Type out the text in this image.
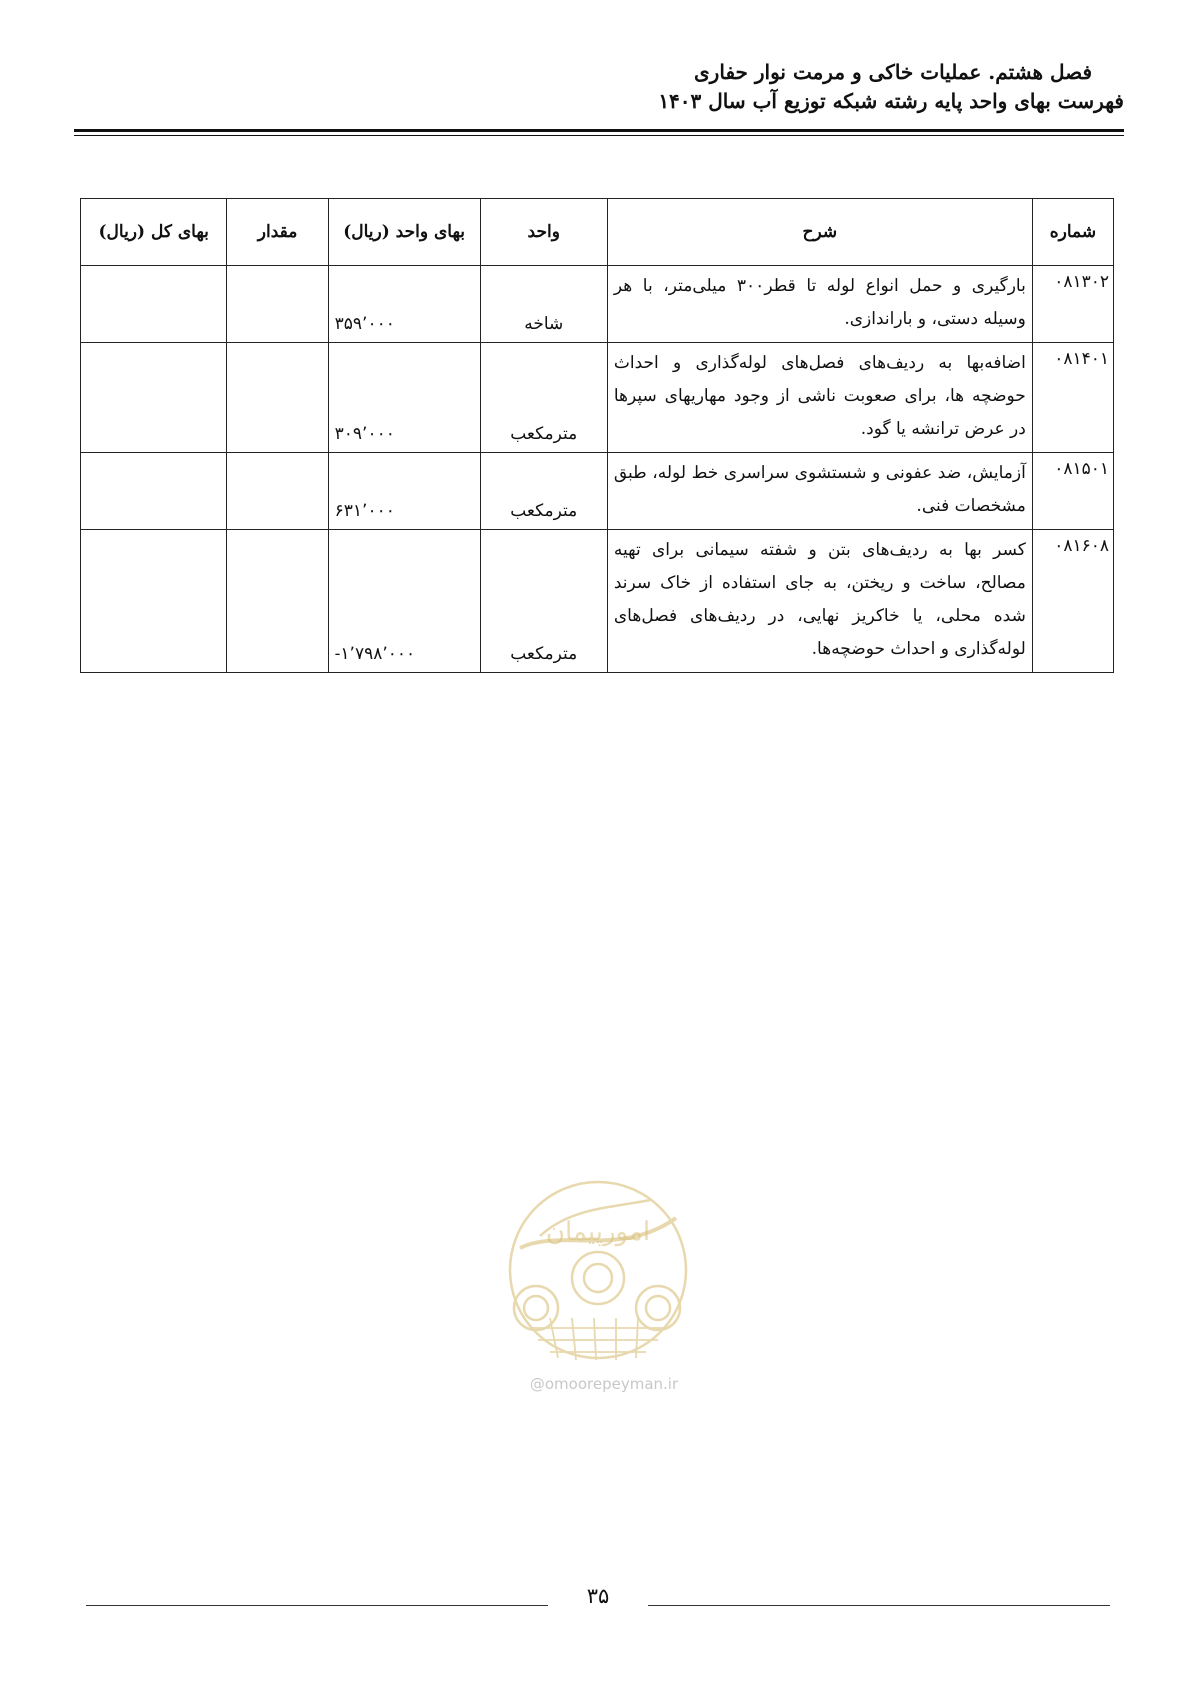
فصل هشتم. عملیات خاکی و مرمت نوار حفاری
فهرست بهای واحد پایه رشته شبکه توزیع آب سال ۱۴۰۳
شماره	شرح	واحد	بهای واحد (ریال)	مقدار	بهای کل (ریال)
۰۸۱۳۰۲	بارگیری و حمل انواع لوله تا قطر۳۰۰ میلی‌متر، با هر وسیله دستی، و باراندازی.	شاخه	۳۵۹٬۰۰۰		
۰۸۱۴۰۱	اضافه‌بها به ردیف‌های فصل‌های لوله‌گذاری و احداث حوضچه ها، برای صعوبت ناشی از وجود مهاریهای سپرها در عرض ترانشه یا گود.	مترمکعب	۳۰۹٬۰۰۰		
۰۸۱۵۰۱	آزمایش، ضد عفونی و شستشوی سراسری خط لوله، طبق مشخصات فنی.	مترمکعب	۶۳۱٬۰۰۰		
۰۸۱۶۰۸	کسر بها به ردیف‌های بتن و شفته سیمانی برای تهیه مصالح، ساخت و ریختن، به جای استفاده از خاک سرند شده محلی، یا خاکریز نهایی، در ردیف‌های فصل‌های لوله‌گذاری و احداث حوضچه‌ها.	مترمکعب	-۱٬۷۹۸٬۰۰۰		
امورپیمان
@omoorepeyman.ir
۳۵
